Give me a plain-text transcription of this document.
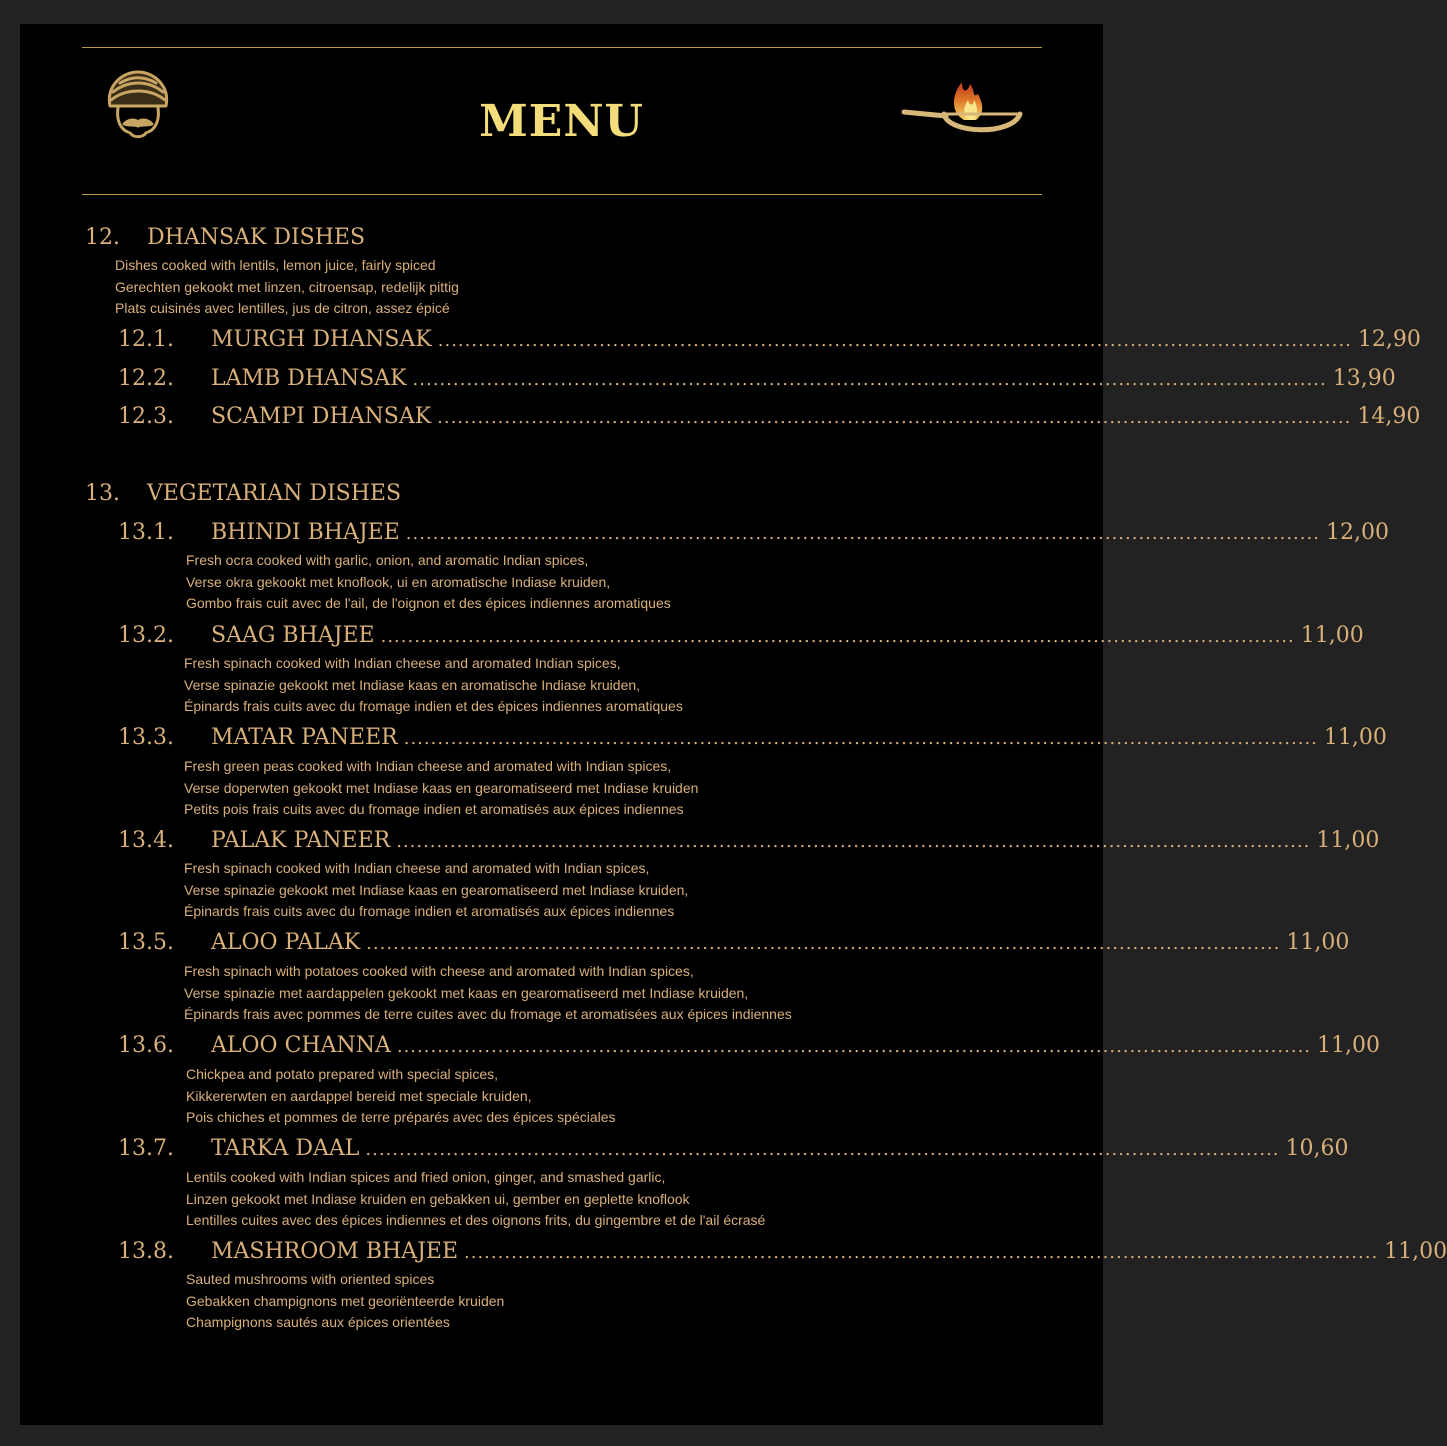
MENU
12. DHANSAK DISHES
Dishes cooked with lentils, lemon juice, fairly spiced
Gerechten gekookt met linzen, citroensap, redelijk pittig
Plats cuisinés avec lentilles, jus de citron, assez épicé
12.1. MURGH DHANSAK ........................................................................................................................................ 12,90
12.2. LAMB DHANSAK ........................................................................................................................................ 13,90
12.3. SCAMPI DHANSAK ........................................................................................................................................ 14,90
13. VEGETARIAN DISHES
13.1. BHINDI BHAJEE ........................................................................................................................................ 12,00
Fresh ocra cooked with garlic, onion, and aromatic Indian spices,
Verse okra gekookt met knoflook, ui en aromatische Indiase kruiden,
Gombo frais cuit avec de l'ail, de l'oignon et des épices indiennes aromatiques
13.2. SAAG BHAJEE ........................................................................................................................................ 11,00
Fresh spinach cooked with Indian cheese and aromated Indian spices,
Verse spinazie gekookt met Indiase kaas en aromatische Indiase kruiden,
Épinards frais cuits avec du fromage indien et des épices indiennes aromatiques
13.3. MATAR PANEER ........................................................................................................................................ 11,00
Fresh green peas cooked with Indian cheese and aromated with Indian spices,
Verse doperwten gekookt met Indiase kaas en gearomatiseerd met Indiase kruiden
Petits pois frais cuits avec du fromage indien et aromatisés aux épices indiennes
13.4. PALAK PANEER ........................................................................................................................................ 11,00
Fresh spinach cooked with Indian cheese and aromated with Indian spices,
Verse spinazie gekookt met Indiase kaas en gearomatiseerd met Indiase kruiden,
Épinards frais cuits avec du fromage indien et aromatisés aux épices indiennes
13.5. ALOO PALAK ........................................................................................................................................ 11,00
Fresh spinach with potatoes cooked with cheese and aromated with Indian spices,
Verse spinazie met aardappelen gekookt met kaas en gearomatiseerd met Indiase kruiden,
Épinards frais avec pommes de terre cuites avec du fromage et aromatisées aux épices indiennes
13.6. ALOO CHANNA ........................................................................................................................................ 11,00
Chickpea and potato prepared with special spices,
Kikkererwten en aardappel bereid met speciale kruiden,
Pois chiches et pommes de terre préparés avec des épices spéciales
13.7. TARKA DAAL ........................................................................................................................................ 10,60
Lentils cooked with Indian spices and fried onion, ginger, and smashed garlic,
Linzen gekookt met Indiase kruiden en gebakken ui, gember en geplette knoflook
Lentilles cuites avec des épices indiennes et des oignons frits, du gingembre et de l'ail écrasé
13.8. MASHROOM BHAJEE ........................................................................................................................................ 11,00
Sauted mushrooms with oriented spices
Gebakken champignons met georiënteerde kruiden
Champignons sautés aux épices orientées
